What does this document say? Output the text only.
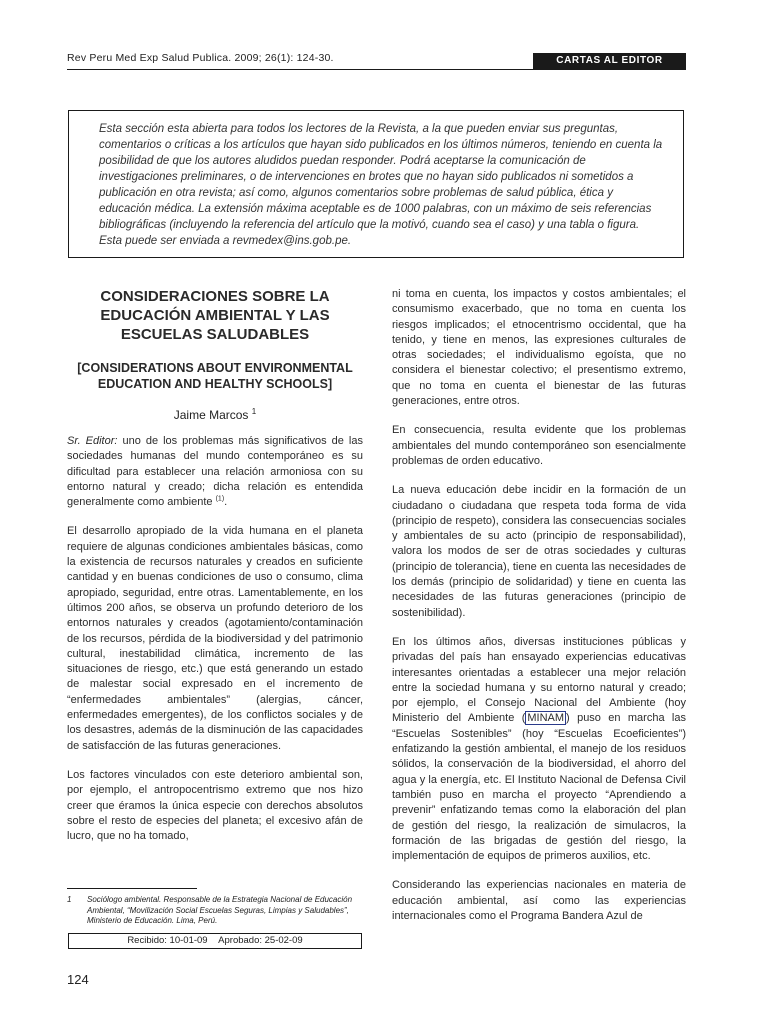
Rev Peru Med Exp Salud Publica. 2009; 26(1): 124-30.	CARTAS AL EDITOR

Esta sección esta abierta para todos los lectores de la Revista, a la que pueden enviar sus preguntas, comentarios o críticas a los artículos que hayan sido publicados en los últimos números, teniendo en cuenta la posibilidad de que los autores aludidos puedan responder. Podrá aceptarse la comunicación de investigaciones preliminares, o de intervenciones en brotes que no hayan sido publicados ni sometidos a publicación en otra revista; así como, algunos comentarios sobre problemas de salud pública, ética y educación médica. La extensión máxima aceptable es de 1000 palabras, con un máximo de seis referencias bibliográficas (incluyendo la referencia del artículo que la motivó, cuando sea el caso) y una tabla o figura. Esta puede ser enviada a revmedex@ins.gob.pe.

CONSIDERACIONES SOBRE LA EDUCACIÓN AMBIENTAL Y LAS ESCUELAS SALUDABLES
[CONSIDERATIONS ABOUT ENVIRONMENTAL EDUCATION AND HEALTHY SCHOOLS]

Jaime Marcos $^1$

Sr. Editor: uno de los problemas más significativos de las sociedades humanas del mundo contemporáneo es su dificultad para establecer una relación armoniosa con su entorno natural y creado; dicha relación es entendida generalmente como ambiente $^{(1)}$.

El desarrollo apropiado de la vida humana en el planeta requiere de algunas condiciones ambientales básicas, como la existencia de recursos naturales y creados en suficiente cantidad y en buenas condiciones de uso o consumo, clima apropiado, seguridad, entre otras. Lamentablemente, en los últimos 200 años, se observa un profundo deterioro de los entornos naturales y creados (agotamiento/contaminación de los recursos, pérdida de la biodiversidad y del patrimonio cultural, inestabilidad climática, incremento de las situaciones de riesgo, etc.) que está generando un estado de malestar social expresado en el incremento de “enfermedades ambientales” (alergias, cáncer, enfermedades emergentes), de los conflictos sociales y de los desastres, además de la disminución de las capacidades de satisfacción de las futuras generaciones.

Los factores vinculados con este deterioro ambiental son, por ejemplo, el antropocentrismo extremo que nos hizo creer que éramos la única especie con derechos absolutos sobre el resto de especies del planeta; el excesivo afán de lucro, que no ha tomado,

ni toma en cuenta, los impactos y costos ambientales; el consumismo exacerbado, que no toma en cuenta los riesgos implicados; el etnocentrismo occidental, que ha tenido, y tiene en menos, las expresiones culturales de otras sociedades; el individualismo egoísta, que no considera el bienestar colectivo; el presentismo extremo, que no toma en cuenta el bienestar de las futuras generaciones, entre otros.

En consecuencia, resulta evidente que los problemas ambientales del mundo contemporáneo son esencialmente problemas de orden educativo.

La nueva educación debe incidir en la formación de un ciudadano o ciudadana que respeta toda forma de vida (principio de respeto), considera las consecuencias sociales y ambientales de su acto (principio de responsabilidad), valora los modos de ser de otras sociedades y culturas (principio de tolerancia), tiene en cuenta las necesidades de los demás (principio de solidaridad) y tiene en cuenta las necesidades de las futuras generaciones (principio de sostenibilidad).

En los últimos años, diversas instituciones públicas y privadas del país han ensayado experiencias educativas interesantes orientadas a establecer una mejor relación entre la sociedad humana y su entorno natural y creado; por ejemplo, el Consejo Nacional del Ambiente (hoy Ministerio del Ambiente ( MINAM ) puso en marcha las “Escuelas Sostenibles” (hoy “Escuelas Ecoeficientes”) enfatizando la gestión ambiental, el manejo de los residuos sólidos, la conservación de la biodiversidad, el ahorro del agua y la energía, etc. El Instituto Nacional de Defensa Civil también puso en marcha el proyecto “Aprendiendo a prevenir” enfatizando temas como la elaboración del plan de gestión del riesgo, la realización de simulacros, la formación de las brigadas de gestión del riesgo, la implementación de equipos de primeros auxilios, etc.

Considerando las experiencias nacionales en materia de educación ambiental, así como las experiencias internacionales como el Programa Bandera Azul de

1 Sociólogo ambiental. Responsable de la Estrategia Nacional de Educación Ambiental, “Movilización Social Escuelas Seguras, Limpias y Saludables”, Ministerio de Educación. Lima, Perú.
Recibido: 10-01-09 Aprobado: 25-02-09
124
